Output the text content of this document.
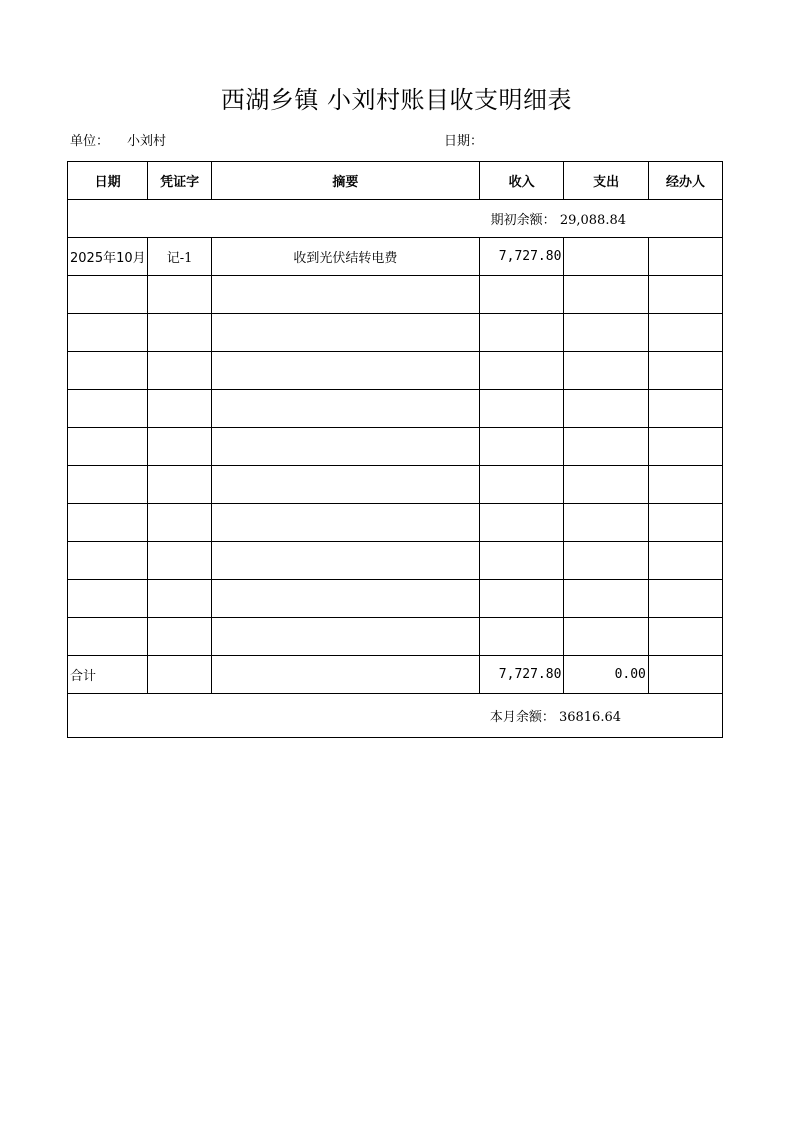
西湖乡镇 小刘村账目收支明细表
单位： 小刘村	日期：
日期	凭证字	摘要	收入	支出	经办人
期初余额： 29,088.84					
2025年10月	记-1	收到光伏结转电费	7,727.80		

合计			7,727.80	0.00	
本月余额： 36816.64					
